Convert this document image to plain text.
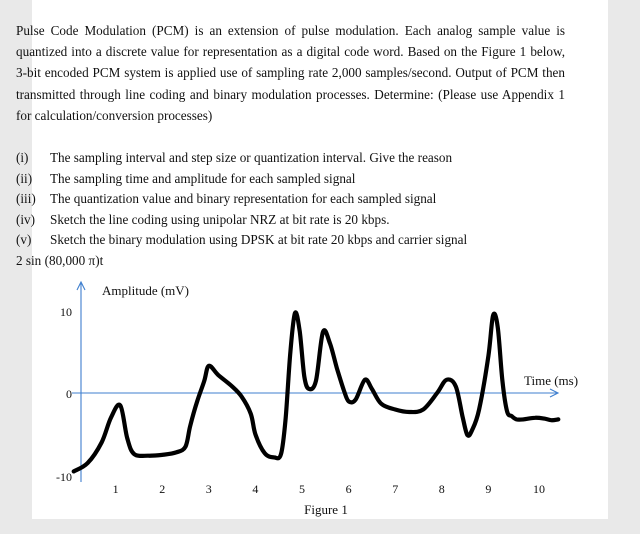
Pulse Code Modulation (PCM) is an extension of pulse modulation. Each analog sample value is quantized into a discrete value for representation as a digital code word. Based on the Figure 1 below, 3-bit encoded PCM system is applied use of sampling rate 2,000 samples/second. Output of PCM then transmitted through line coding and binary modulation processes. Determine: (Please use Appendix 1 for calculation/conversion processes)
(i)	The sampling interval and step size or quantization interval. Give the reason
(ii)	The sampling time and amplitude for each sampled signal
(iii)	The quantization value and binary representation for each sampled signal
(iv)	Sketch the line coding using unipolar NRZ at bit rate is 20 kbps.
(v)	Sketch the binary modulation using DPSK at bit rate 20 kbps and carrier signal
2 sin (80,000 π)t
Amplitude (mV)
Time (ms)
10
0
-10
1	2	3	4	5	6	7	8	9	10
Figure 1
